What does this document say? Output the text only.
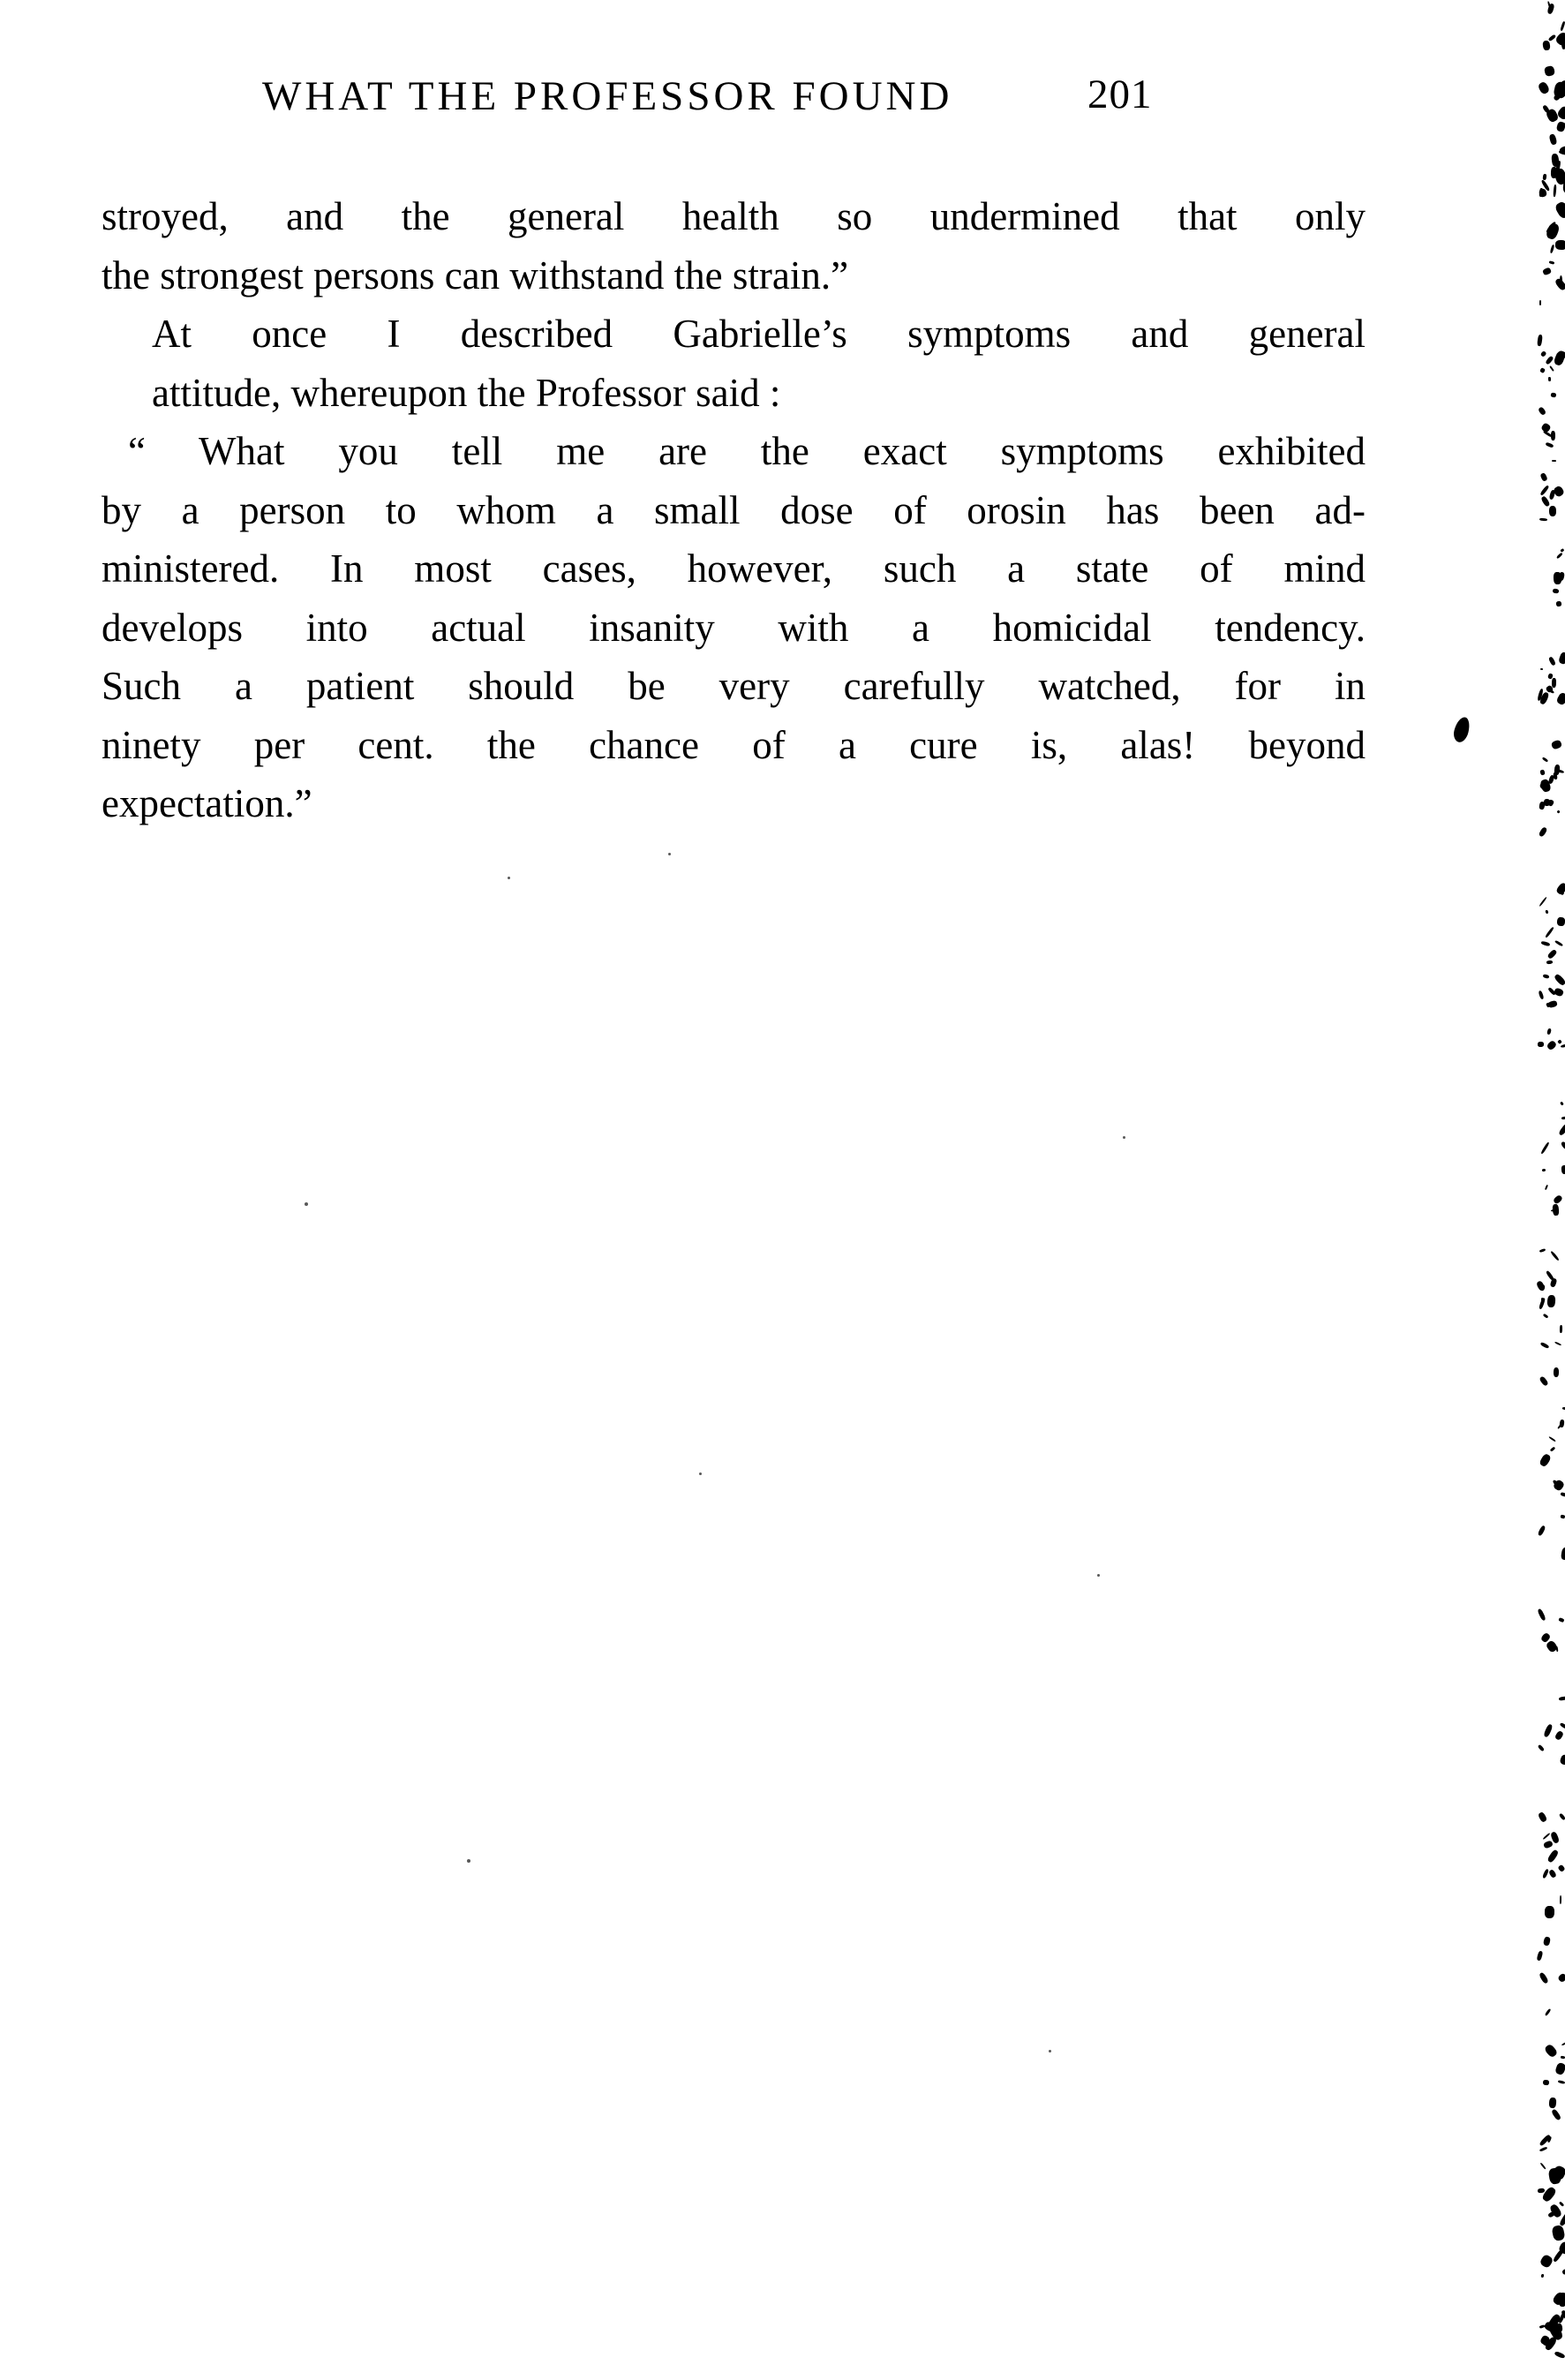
WHAT THE PROFESSOR FOUND	201
stroyed, and the general health so undermined that only
the strongest persons can withstand the strain.”
At once I described Gabrielle’s symptoms and general
attitude, whereupon the Professor said :
“ What you tell me are the exact symptoms exhibited
by a person to whom a small dose of orosin has been ad-
ministered. In most cases, however, such a state of mind
develops into actual insanity with a homicidal tendency.
Such a patient should be very carefully watched, for in
ninety per cent. the chance of a cure is, alas! beyond
expectation.”
